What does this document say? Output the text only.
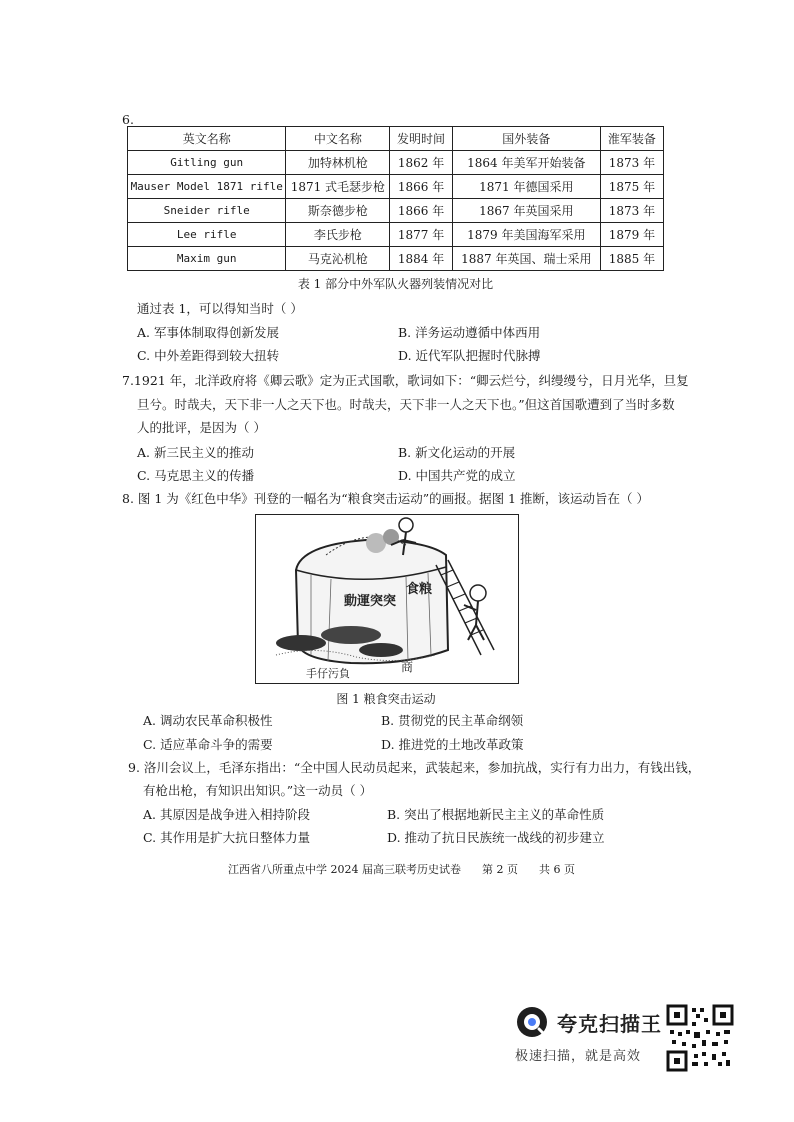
6.
英文名称	中文名称	发明时间	国外装备	淮军装备
Gitling gun	加特林机枪	1862 年	1864 年美军开始装备	1873 年
Mauser Model 1871 rifle	1871 式毛瑟步枪	1866 年	1871 年德国采用	1875 年
Sneider rifle	斯奈德步枪	1866 年	1867 年英国采用	1873 年
Lee rifle	李氏步枪	1877 年	1879 年美国海军采用	1879 年
Maxim gun	马克沁机枪	1884 年	1887 年英国、瑞士采用	1885 年
表 1 部分中外军队火器列装情况对比
通过表 1，可以得知当时（ ）
A. 军事体制取得创新发展	B. 洋务运动遵循中体西用
C. 中外差距得到较大扭转	D. 近代军队把握时代脉搏
7.1921 年，北洋政府将《卿云歌》定为正式国歌，歌词如下：“卿云烂兮，纠缦缦兮，日月光华，旦复
旦兮。时哉夫，天下非一人之天下也。时哉夫，天下非一人之天下也。”但这首国歌遭到了当时多数
人的批评，是因为（ ）
A. 新三民主义的推动	B. 新文化运动的开展
C. 马克思主义的传播	D. 中国共产党的成立
8. 图 1 为《红色中华》刊登的一幅名为“粮食突击运动”的画报。据图 1 推断，该运动旨在（ ）
食粮
動運突突
手仔污負	商
图 1 粮食突击运动
A. 调动农民革命积极性	B. 贯彻党的民主革命纲领
C. 适应革命斗争的需要	D. 推进党的土地改革政策
9. 洛川会议上，毛泽东指出：“全中国人民动员起来，武装起来，参加抗战，实行有力出力，有钱出钱，
有枪出枪，有知识出知识。”这一动员（ ）
A. 其原因是战争进入相持阶段	B. 突出了根据地新民主主义的革命性质
C. 其作用是扩大抗日整体力量	D. 推动了抗日民族统一战线的初步建立
江西省八所重点中学 2024 届高三联考历史试卷 第 2 页 共 6 页
夸克扫描王
极速扫描，就是高效
